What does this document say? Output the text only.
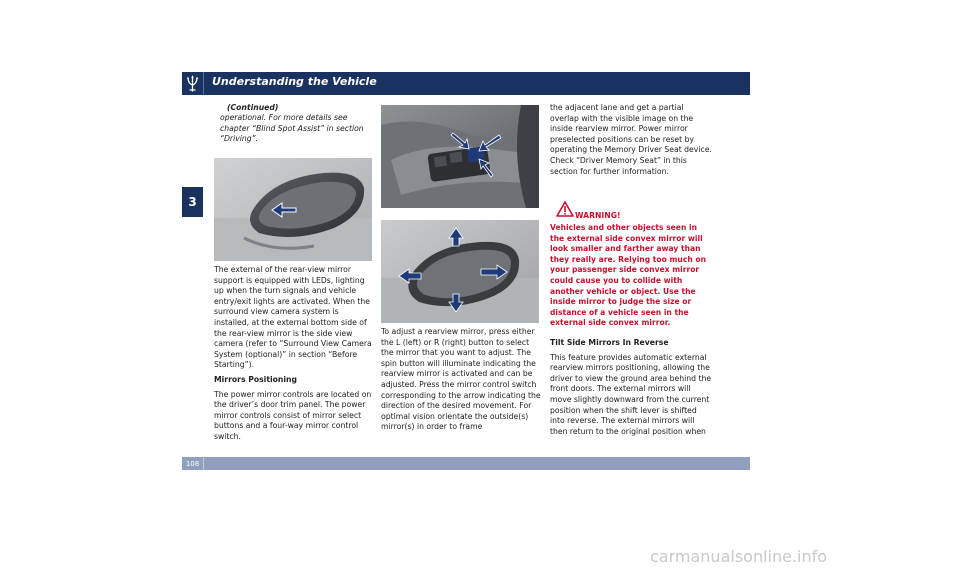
Understanding the Vehicle
3
(Continued)
operational. For more details see chapter “Blind Spot Assist” in section “Driving”.

The external of the rear-view mirror support is equipped with LEDs, lighting up when the turn signals and vehicle entry/exit lights are activated. When the surround view camera system is installed, at the external bottom side of the rear-view mirror is the side view camera (refer to “Surround View Camera System (optional)” in section “Before Starting”).

Mirrors Positioning

The power mirror controls are located on the driver’s door trim panel. The power mirror controls consist of mirror select buttons and a four-way mirror control switch.

To adjust a rearview mirror, press either the L (left) or R (right) button to select the mirror that you want to adjust. The spin button will illuminate indicating the rearview mirror is activated and can be adjusted. Press the mirror control switch corresponding to the arrow indicating the direction of the desired movement. For optimal vision orientate the outside(s) mirror(s) in order to frame

the adjacent lane and get a partial overlap with the visible image on the inside rearview mirror. Power mirror preselected positions can be reset by operating the Memory Driver Seat device. Check “Driver Memory Seat” in this section for further information.

WARNING!
Vehicles and other objects seen in the external side convex mirror will look smaller and farther away than they really are. Relying too much on your passenger side convex mirror could cause you to collide with another vehicle or object. Use the inside mirror to judge the size or distance of a vehicle seen in the external side convex mirror.

Tilt Side Mirrors In Reverse

This feature provides automatic external rearview mirrors positioning, allowing the driver to view the ground area behind the front doors. The external mirrors will move slightly downward from the current position when the shift lever is shifted into reverse. The external mirrors will then return to the original position when

108
carmanualsonline.info
